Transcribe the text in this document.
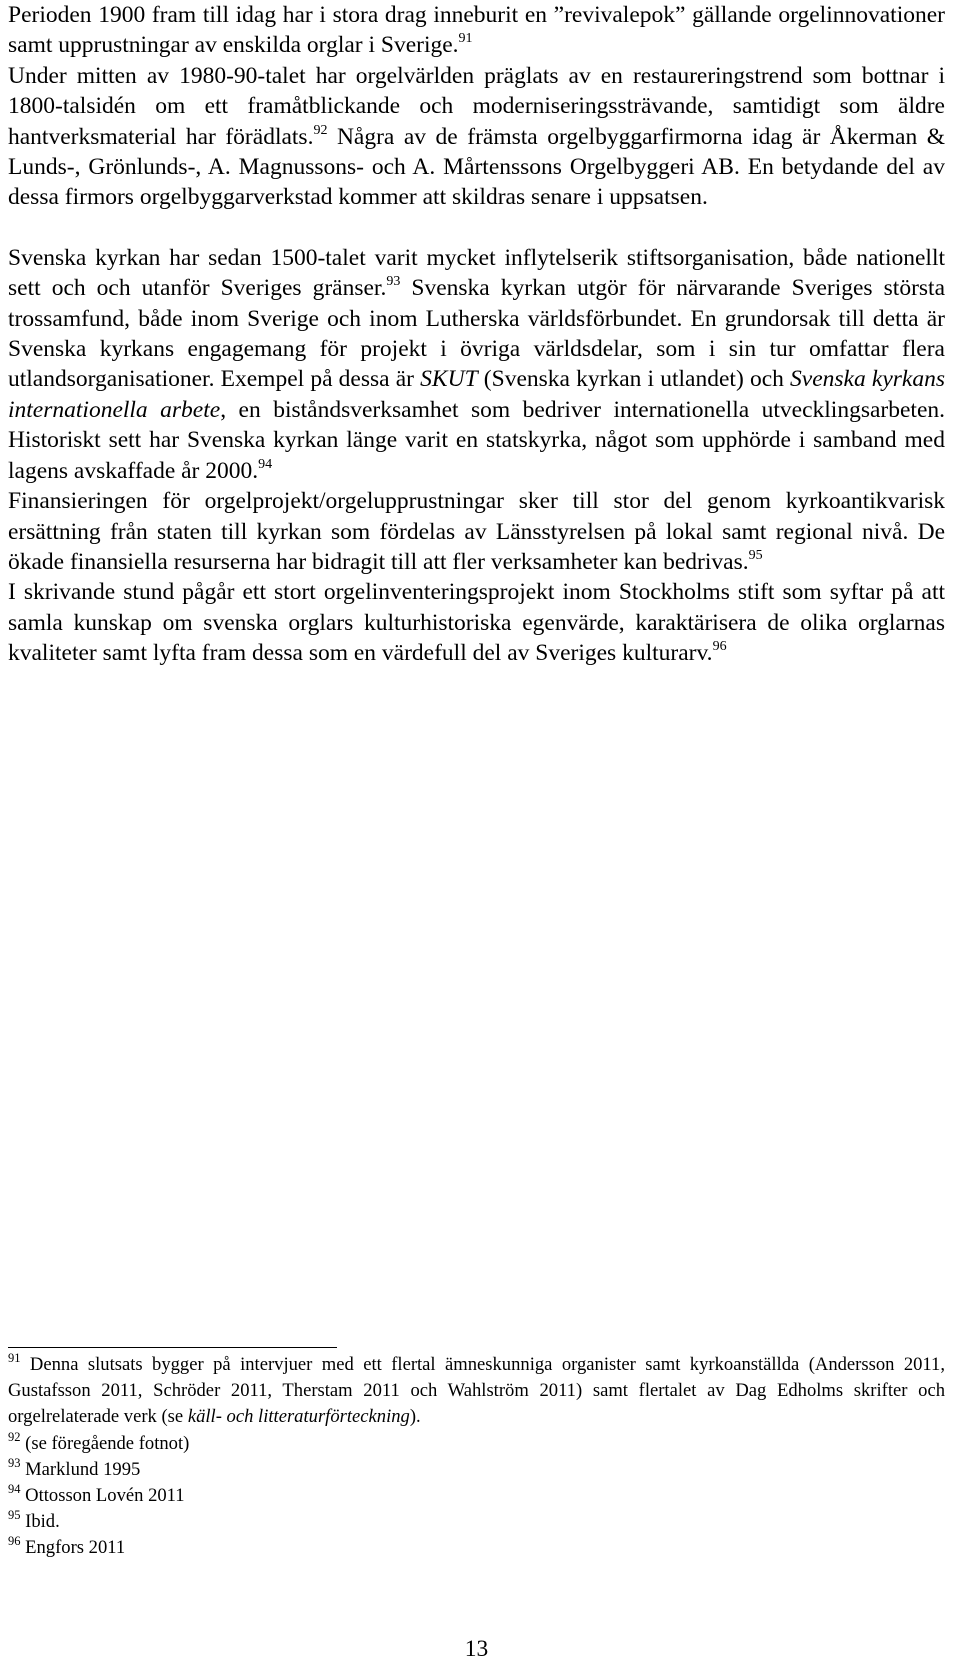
Perioden 1900 fram till idag har i stora drag inneburit en ”revivalepok” gällande orgelinnovationer samt upprustningar av enskilda orglar i Sverige.$^{91}$

Under mitten av 1980-90-talet har orgelvärlden präglats av en restaureringstrend som bottnar i 1800-talsidén om ett framåtblickande och moderniseringssträvande, samtidigt som äldre hantverksmaterial har förädlats.$^{92}$ Några av de främsta orgelbyggarfirmorna idag är Åkerman & Lunds-, Grönlunds-, A. Magnussons- och A. Mårtenssons Orgelbyggeri AB. En betydande del av dessa firmors orgelbyggarverkstad kommer att skildras senare i uppsatsen.

Svenska kyrkan har sedan 1500-talet varit mycket inflytelserik stiftsorganisation, både nationellt sett och och utanför Sveriges gränser.$^{93}$ Svenska kyrkan utgör för närvarande Sveriges största trossamfund, både inom Sverige och inom Lutherska världsförbundet. En grundorsak till detta är Svenska kyrkans engagemang för projekt i övriga världsdelar, som i sin tur omfattar flera utlandsorganisationer. Exempel på dessa är SKUT (Svenska kyrkan i utlandet) och Svenska kyrkans internationella arbete, en biståndsverksamhet som bedriver internationella utvecklingsarbeten. Historiskt sett har Svenska kyrkan länge varit en statskyrka, något som upphörde i samband med lagens avskaffade år 2000.94

Finansieringen för orgelprojekt/orgelupprustningar sker till stor del genom kyrkoantikvarisk ersättning från staten till kyrkan som fördelas av Länsstyrelsen på lokal samt regional nivå. De ökade finansiella resurserna har bidragit till att fler verksamheter kan bedrivas.$^{95}$

I skrivande stund pågår ett stort orgelinventeringsprojekt inom Stockholms stift som syftar på att samla kunskap om svenska orglars kulturhistoriska egenvärde, karaktärisera de olika orglarnas kvaliteter samt lyfta fram dessa som en värdefull del av Sveriges kulturarv.$^{96}$

$^{91}$ Denna slutsats bygger på intervjuer med ett flertal ämneskunniga organister samt kyrkoanställda (Andersson 2011, Gustafsson 2011, Schröder 2011, Therstam 2011 och Wahlström 2011) samt flertalet av Dag Edholms skrifter och orgelrelaterade verk (se käll- och litteraturförteckning).

$^{92}$ (se föregående fotnot)

$^{93}$ Marklund 1995

$^{94}$ Ottosson Lovén 2011

$^{95}$ Ibid.

$^{96}$ Engfors 2011

13
